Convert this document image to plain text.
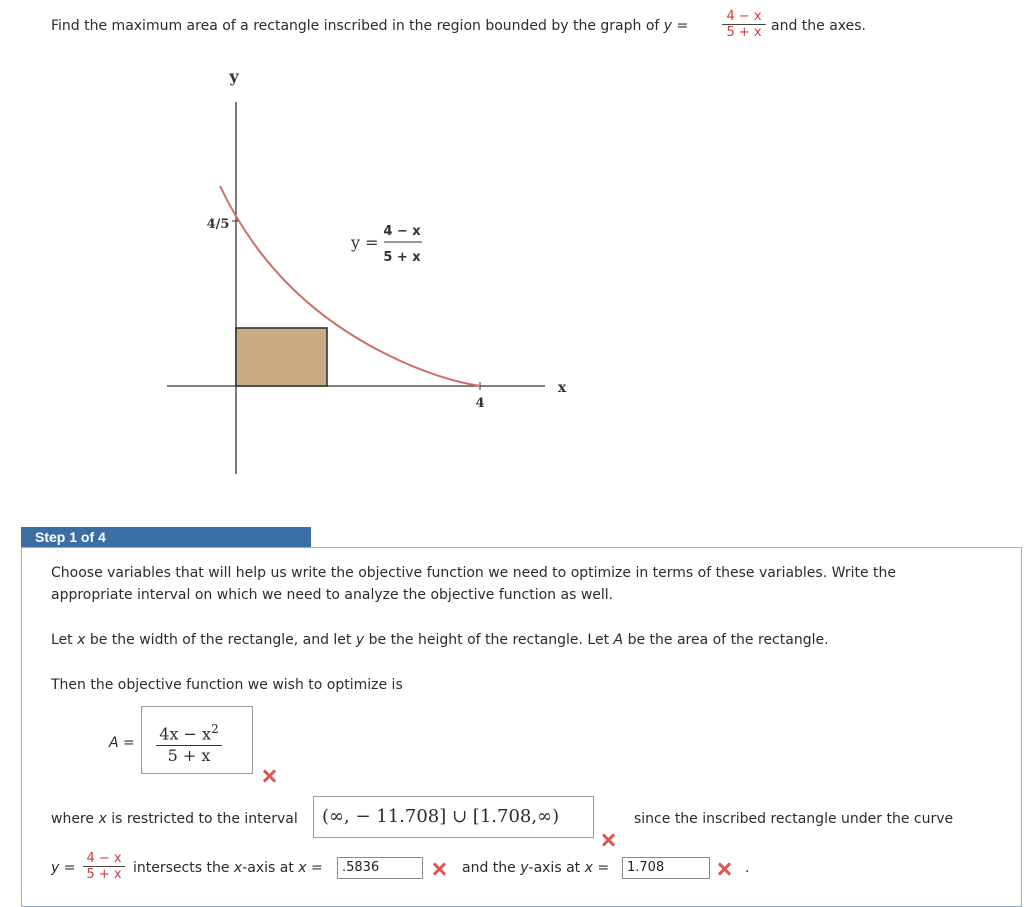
Find the maximum area of a rectangle inscribed in the region bounded by the graph of y =	$\frac{4 - x}{5 + x}$ and the axes.
y
x
4/5
4
y =
4 − x
5 + x
Step 1 of 4
Choose variables that will help us write the objective function we need to optimize in terms of these variables. Write the
appropriate interval on which we need to analyze the objective function as well.
Let x be the width of the rectangle, and let y be the height of the rectangle. Let A be the area of the rectangle.
Then the objective function we wish to optimize is
$A = \frac{4x - x^2}{5 + x}$
where x is restricted to the interval (∞, − 11.708] ∪ [1.708,∞)	since the inscribed rectangle under the curve
$y = \frac{4 - x}{5 + x}$ intersects the x-axis at x =	.5836	and the y-axis at x =	1.708	.
